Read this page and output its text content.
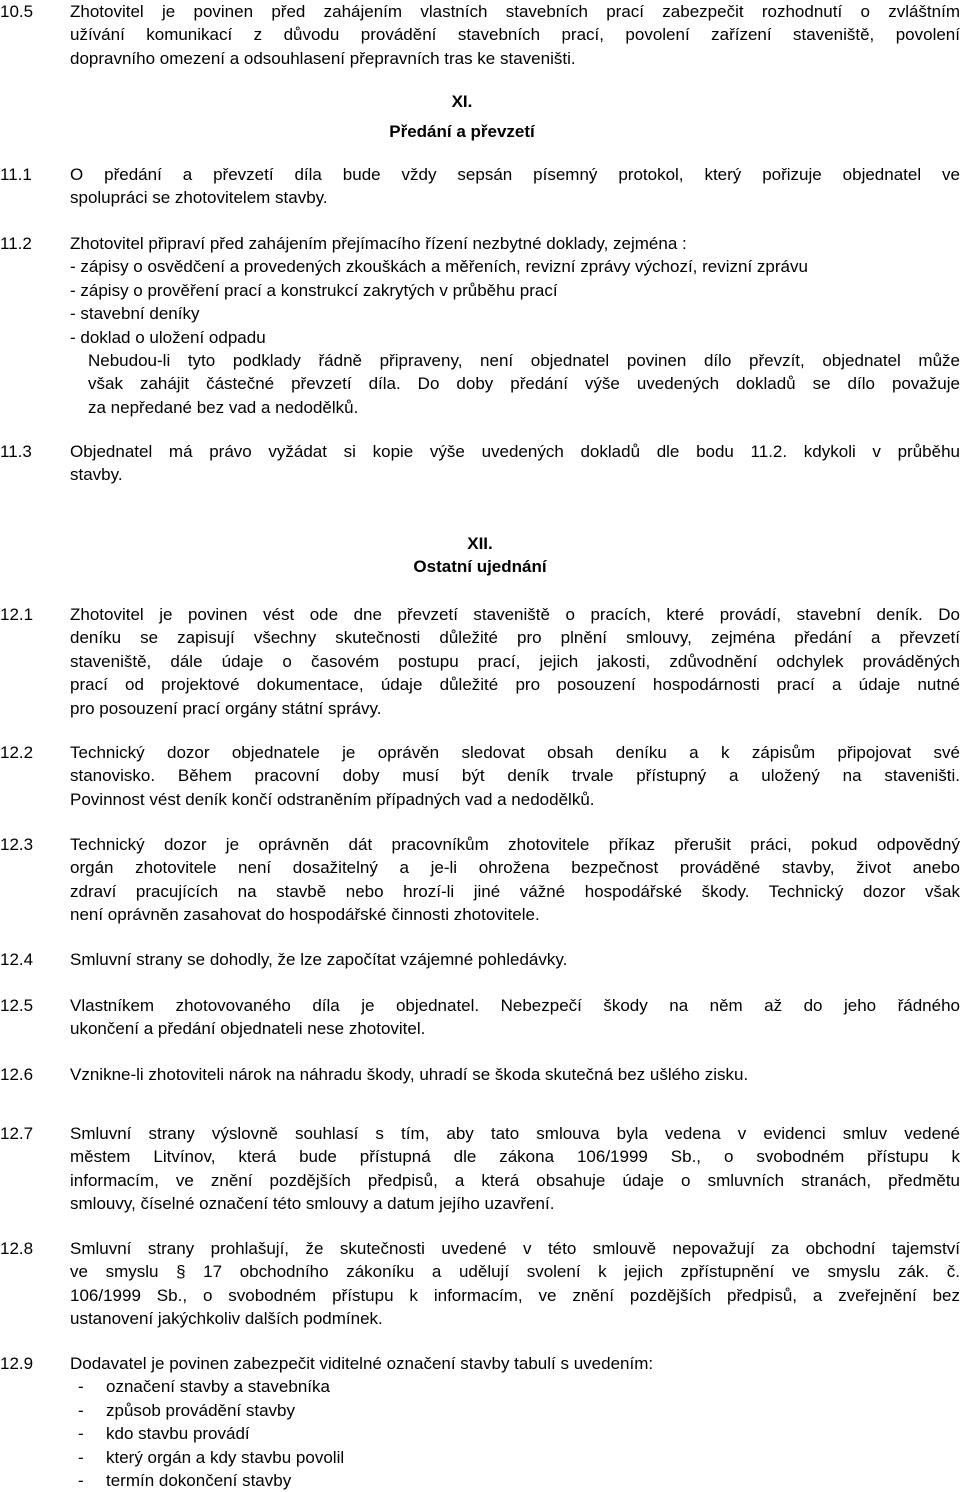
10.5 Zhotovitel je povinen před zahájením vlastních stavebních prací zabezpečit rozhodnutí o zvláštním

užívání komunikací z důvodu provádění stavebních prací, povolení zařízení staveniště, povolení

dopravního omezení a odsouhlasení přepravních tras ke staveništi.

XI.
Předání a převzetí
11.1 O předání a převzetí díla bude vždy sepsán písemný protokol, který pořizuje objednatel ve

spolupráci se zhotovitelem stavby.

11.2 Zhotovitel připraví před zahájením přejímacího řízení nezbytné doklady, zejména :

- zápisy o osvědčení a provedených zkouškách a měřeních, revizní zprávy výchozí, revizní zprávu

- zápisy o prověření prací a konstrukcí zakrytých v průběhu prací

- stavební deníky

- doklad o uložení odpadu

Nebudou-li tyto podklady řádně připraveny, není objednatel povinen dílo převzít, objednatel může

však zahájit částečné převzetí díla. Do doby předání výše uvedených dokladů se dílo považuje

za nepředané bez vad a nedodělků.

11.3 Objednatel má právo vyžádat si kopie výše uvedených dokladů dle bodu 11.2. kdykoli v průběhu

stavby.

XII.
Ostatní ujednání
12.1 Zhotovitel je povinen vést ode dne převzetí staveniště o pracích, které provádí, stavební deník. Do

deníku se zapisují všechny skutečnosti důležité pro plnění smlouvy, zejména předání a převzetí

staveniště, dále údaje o časovém postupu prací, jejich jakosti, zdůvodnění odchylek prováděných

prací od projektové dokumentace, údaje důležité pro posouzení hospodárnosti prací a údaje nutné

pro posouzení prací orgány státní správy.

12.2 Technický dozor objednatele je oprávěn sledovat obsah deníku a k zápisům připojovat své

stanovisko. Během pracovní doby musí být deník trvale přístupný a uložený na staveništi.

Povinnost vést deník končí odstraněním případných vad a nedodělků.

12.3 Technický dozor je oprávněn dát pracovníkům zhotovitele příkaz přerušit práci, pokud odpovědný

orgán zhotovitele není dosažitelný a je-li ohrožena bezpečnost prováděné stavby, život anebo

zdraví pracujících na stavbě nebo hrozí-li jiné vážné hospodářské škody. Technický dozor však

není oprávněn zasahovat do hospodářské činnosti zhotovitele.

12.4 Smluvní strany se dohodly, že lze započítat vzájemné pohledávky.

12.5 Vlastníkem zhotovovaného díla je objednatel. Nebezpečí škody na něm až do jeho řádného

ukončení a předání objednateli nese zhotovitel.

12.6 Vznikne-li zhotoviteli nárok na náhradu škody, uhradí se škoda skutečná bez ušlého zisku.

12.7 Smluvní strany výslovně souhlasí s tím, aby tato smlouva byla vedena v evidenci smluv vedené

městem Litvínov, která bude přístupná dle zákona 106/1999 Sb., o svobodném přístupu k

informacím, ve znění pozdějších předpisů, a která obsahuje údaje o smluvních stranách, předmětu

smlouvy, číselné označení této smlouvy a datum jejího uzavření.

12.8 Smluvní strany prohlašují, že skutečnosti uvedené v této smlouvě nepovažují za obchodní tajemství

ve smyslu § 17 obchodního zákoníku a udělují svolení k jejich zpřístupnění ve smyslu zák. č.

106/1999 Sb., o svobodném přístupu k informacím, ve znění pozdějších předpisů, a zveřejnění bez

ustanovení jakýchkoliv dalších podmínek.

12.9 Dodavatel je povinen zabezpečit viditelné označení stavby tabulí s uvedením:

- označení stavby a stavebníka
- způsob provádění stavby
- kdo stavbu provádí
- který orgán a kdy stavbu povolil
- termín dokončení stavby
